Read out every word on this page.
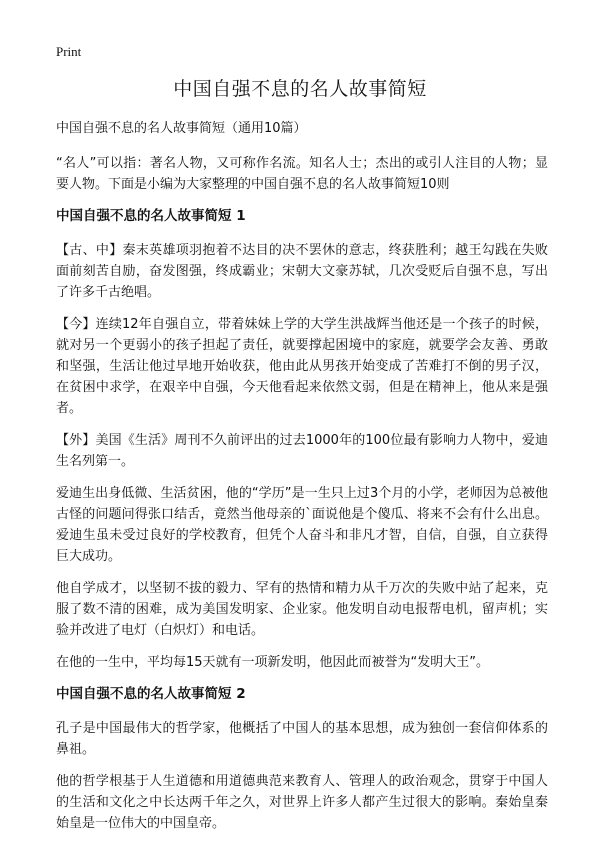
Print
中国自强不息的名人故事简短

中国自强不息的名人故事简短（通用10篇）

“名人”可以指：著名人物，又可称作名流。知名人士；杰出的或引人注目的人物；显要人物。下面是小编为大家整理的中国自强不息的名人故事简短10则

中国自强不息的名人故事简短 1

【古、中】秦末英雄项羽抱着不达目的决不罢休的意志，终获胜利；越王勾践在失败面前刻苦自励，奋发图强，终成霸业；宋朝大文豪苏轼，几次受贬后自强不息，写出了许多千古绝唱。

【今】连续12年自强自立，带着妹妹上学的大学生洪战辉当他还是一个孩子的时候，就对另一个更弱小的孩子担起了责任，就要撑起困境中的家庭，就要学会友善、勇敢和坚强，生活让他过早地开始收获，他由此从男孩开始变成了苦难打不倒的男子汉，在贫困中求学，在艰辛中自强，今天他看起来依然文弱，但是在精神上，他从来是强者。

【外】美国《生活》周刊不久前评出的过去1000年的100位最有影响力人物中，爱迪生名列第一。

爱迪生出身低微、生活贫困，他的“学历”是一生只上过3个月的小学，老师因为总被他古怪的问题问得张口结舌，竟然当他母亲的`面说他是个傻瓜、将来不会有什么出息。爱迪生虽未受过良好的学校教育，但凭个人奋斗和非凡才智，自信，自强，自立获得巨大成功。

他自学成才，以坚韧不拔的毅力、罕有的热情和精力从千万次的失败中站了起来，克服了数不清的困难，成为美国发明家、企业家。他发明自动电报帮电机，留声机；实验并改进了电灯（白炽灯）和电话。

在他的一生中，平均每15天就有一项新发明，他因此而被誉为“发明大王”。

中国自强不息的名人故事简短 2

孔子是中国最伟大的哲学家，他概括了中国人的基本思想，成为独创一套信仰体系的鼻祖。

他的哲学根基于人生道德和用道德典范来教育人、管理人的政治观念，贯穿于中国人的生活和文化之中长达两千年之久，对世界上许多人都产生过很大的影响。秦始皇秦始皇是一位伟大的中国皇帝。
